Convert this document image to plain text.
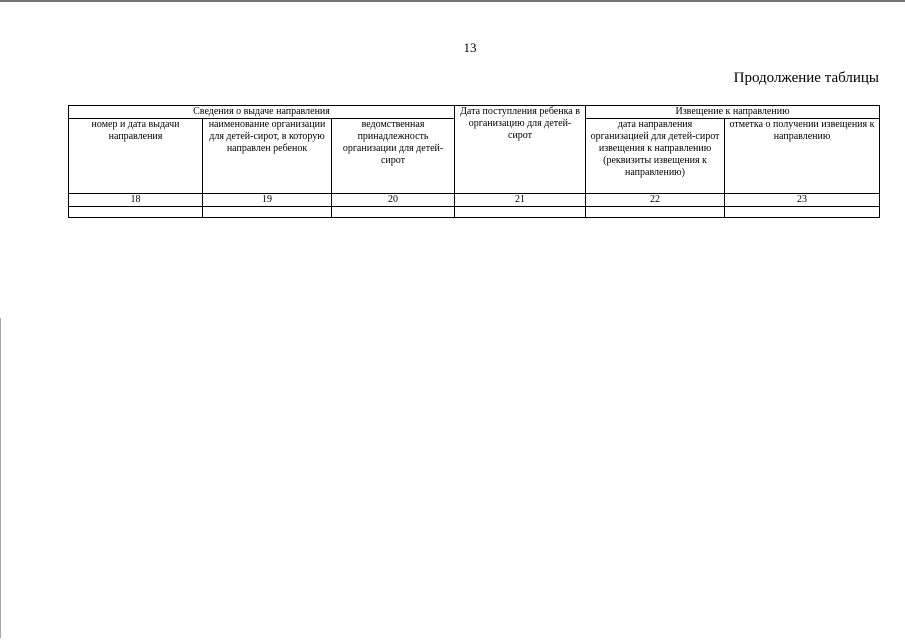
13
Продолжение таблицы
Сведения о выдаче направления			Дата поступления ребенка в организацию для детей-сирот	Извещение к направлению	
номер и дата выдачи направления	наименование организации для детей-сирот, в которую направлен ребенок	ведомственная принадлежность организации для детей-сирот		дата направления организацией для детей-сирот извещения к направлению (реквизиты извещения к направлению)	отметка о получении извещения к направлению
18	19	20	21	22	23
